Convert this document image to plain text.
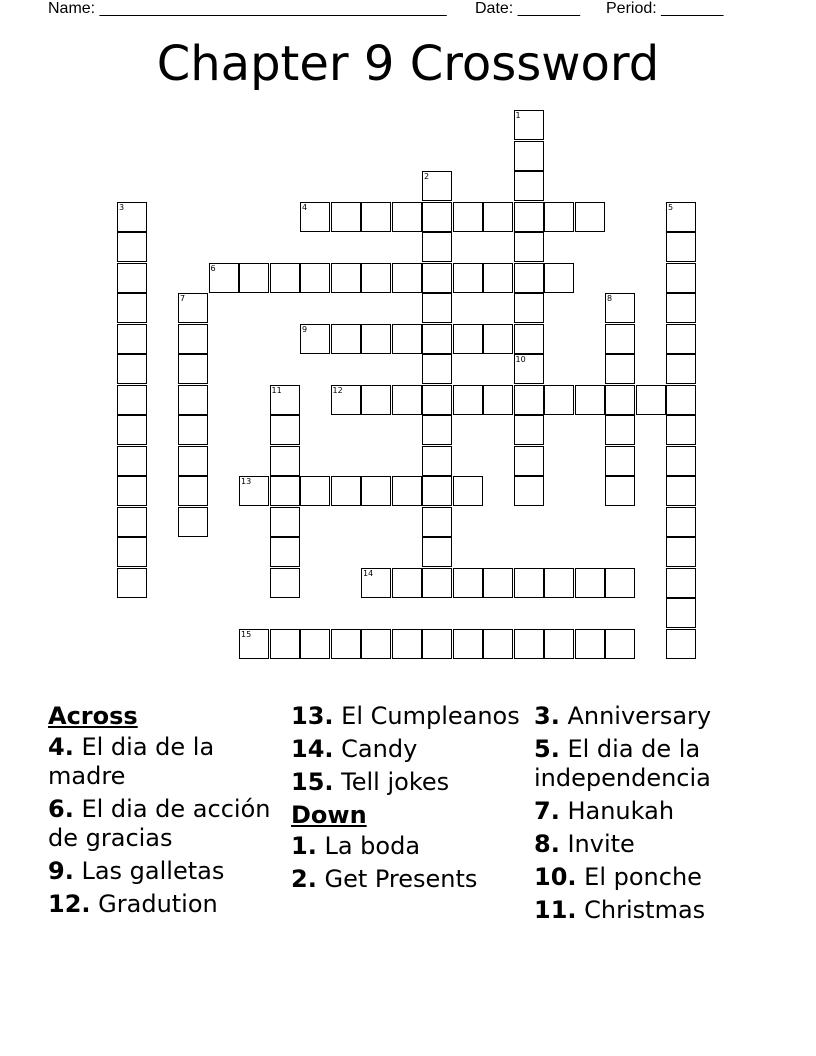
Name: _______________________________________ Date: _______ Period: _______
Chapter 9 Crossword
1
2
3	4	5
6
7	8
9
10
11	12
13
14
15
Across
4. El dia de la madre
6. El dia de acción de gracias
9. Las galletas
12. Gradution
13. El Cumpleanos
14. Candy
15. Tell jokes
Down
1. La boda
2. Get Presents
3. Anniversary
5. El dia de la independencia
7. Hanukah
8. Invite
10. El ponche
11. Christmas
